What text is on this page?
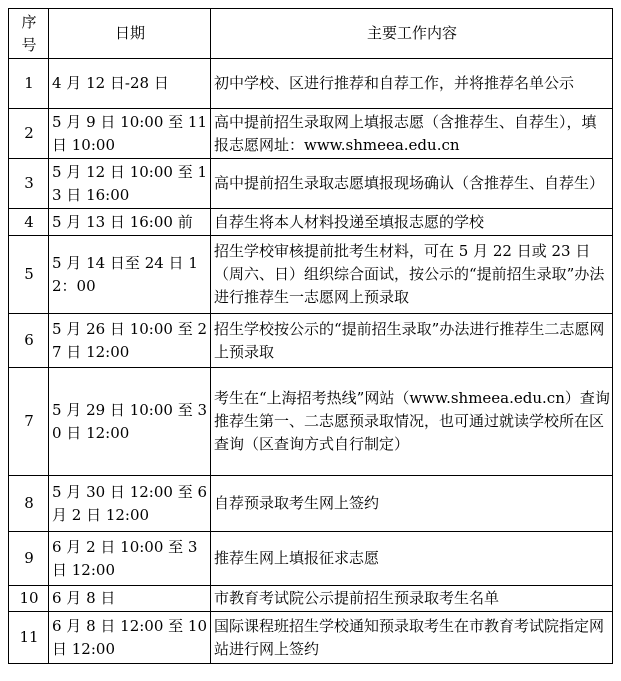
序
号	日期	主要工作内容
1	4 月 12 日-28 日	初中学校、区进行推荐和自荐工作，并将推荐名单公示
2	5 月 9 日 10:00 至 11 日 10:00	高中提前招生录取网上填报志愿（含推荐生、自荐生），填报志愿网址：www.shmeea.edu.cn
3	5 月 12 日 10:00 至 13 日 16:00	高中提前招生录取志愿填报现场确认（含推荐生、自荐生）
4	5 月 13 日 16:00 前	自荐生将本人材料投递至填报志愿的学校
5	5 月 14 日至 24 日 12：00	招生学校审核提前批考生材料，可在 5 月 22 日或 23 日（周六、日）组织综合面试，按公示的“提前招生录取”办法进行推荐生一志愿网上预录取
6	5 月 26 日 10:00 至 27 日 12:00	招生学校按公示的“提前招生录取”办法进行推荐生二志愿网上预录取
7	5 月 29 日 10:00 至 30 日 12:00	考生在“上海招考热线”网站（www.shmeea.edu.cn）查询推荐生第一、二志愿预录取情况，也可通过就读学校所在区查询（区查询方式自行制定）
8	5 月 30 日 12:00 至 6 月 2 日 12:00	自荐预录取考生网上签约
9	6 月 2 日 10:00 至 3 日 12:00	推荐生网上填报征求志愿
10	6 月 8 日	市教育考试院公示提前招生预录取考生名单
11	6 月 8 日 12:00 至 10 日 12:00	国际课程班招生学校通知预录取考生在市教育考试院指定网站进行网上签约
